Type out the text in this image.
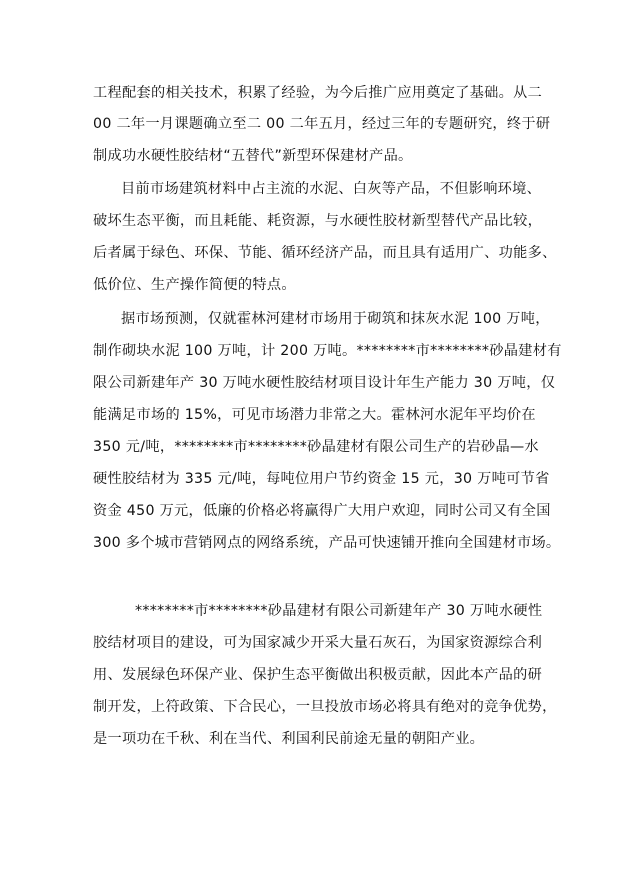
工程配套的相关技术，积累了经验，为今后推广应用奠定了基础。从二
00 二年一月课题确立至二 00 二年五月，经过三年的专题研究，终于研
制成功水硬性胶结材“五替代”新型环保建材产品。
目前市场建筑材料中占主流的水泥、白灰等产品，不但影响环境、
破坏生态平衡，而且耗能、耗资源，与水硬性胶材新型替代产品比较，
后者属于绿色、环保、节能、循环经济产品，而且具有适用广、功能多、
低价位、生产操作简便的特点。
据市场预测，仅就霍林河建材市场用于砌筑和抹灰水泥 100 万吨，
制作砌块水泥 100 万吨，计 200 万吨。********市********砂晶建材有
限公司新建年产 30 万吨水硬性胶结材项目设计年生产能力 30 万吨，仅
能满足市场的 15%，可见市场潜力非常之大。霍林河水泥年平均价在
350 元/吨，********市********砂晶建材有限公司生产的岩砂晶—水
硬性胶结材为 335 元/吨，每吨位用户节约资金 15 元，30 万吨可节省
资金 450 万元，低廉的价格必将赢得广大用户欢迎，同时公司又有全国
300 多个城市营销网点的网络系统，产品可快速铺开推向全国建材市场。
********市********砂晶建材有限公司新建年产 30 万吨水硬性
胶结材项目的建设，可为国家减少开采大量石灰石，为国家资源综合利
用、发展绿色环保产业、保护生态平衡做出积极贡献，因此本产品的研
制开发，上符政策、下合民心，一旦投放市场必将具有绝对的竞争优势，
是一项功在千秋、利在当代、利国利民前途无量的朝阳产业。
